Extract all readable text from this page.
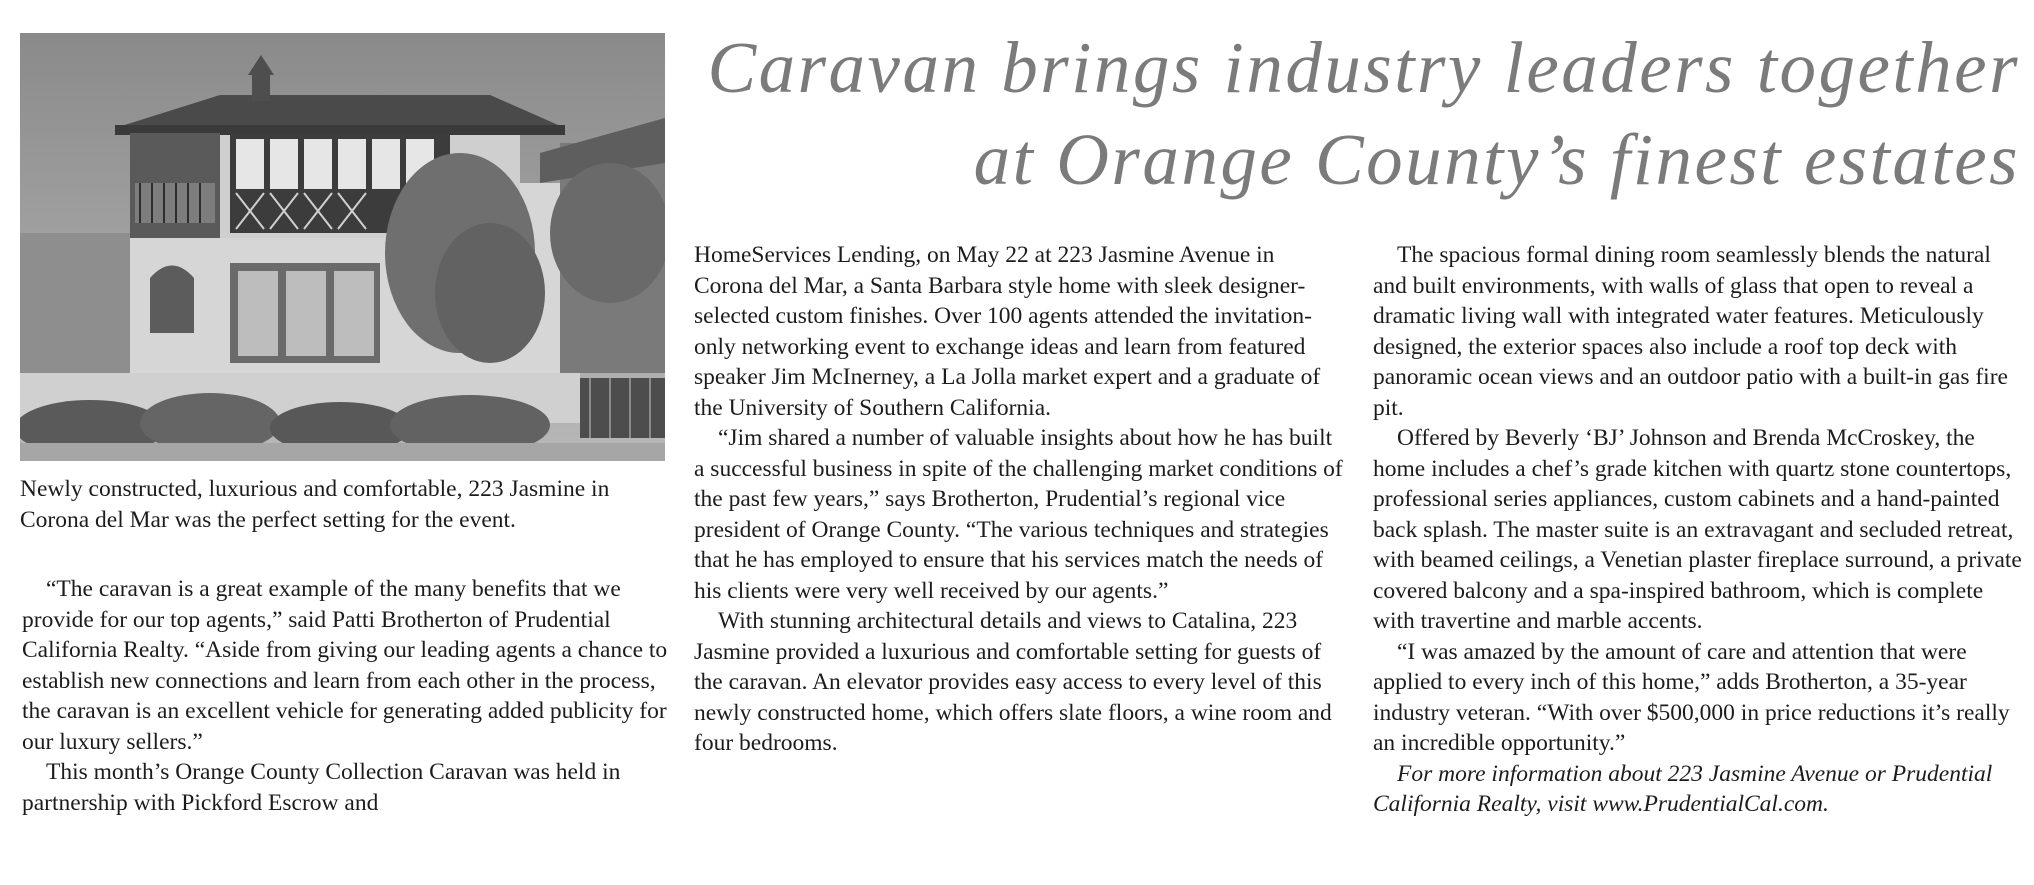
Newly constructed, luxurious and comfortable, 223 Jasmine in Corona del Mar was the perfect setting for the event.
Caravan brings industry leaders together
at Orange County’s finest estates

“The caravan is a great example of the many benefits that we provide for our top agents,” said Patti Brotherton of Prudential California Realty. “Aside from giving our leading agents a chance to establish new connections and learn from each other in the process, the caravan is an excellent vehicle for generating added publicity for our luxury sellers.”

This month’s Orange County Collection Caravan was held in partnership with Pickford Escrow and

HomeServices Lending, on May 22 at 223 Jasmine Avenue in Corona del Mar, a Santa Barbara style home with sleek designer-selected custom finishes. Over 100 agents attended the invitation-only networking event to exchange ideas and learn from featured speaker Jim McInerney, a La Jolla market expert and a graduate of the University of Southern California.

“Jim shared a number of valuable insights about how he has built a successful business in spite of the challenging market conditions of the past few years,” says Brotherton, Prudential’s regional vice president of Orange County. “The various techniques and strategies that he has employed to ensure that his services match the needs of his clients were very well received by our agents.”

With stunning architectural details and views to Catalina, 223 Jasmine provided a luxurious and comfortable setting for guests of the caravan. An elevator provides easy access to every level of this newly constructed home, which offers slate floors, a wine room and four bedrooms.

The spacious formal dining room seamlessly blends the natural and built environments, with walls of glass that open to reveal a dramatic living wall with integrated water features. Meticulously designed, the exterior spaces also include a roof top deck with panoramic ocean views and an outdoor patio with a built-in gas fire pit.

Offered by Beverly ‘BJ’ Johnson and Brenda McCroskey, the home includes a chef’s grade kitchen with quartz stone countertops, professional series appliances, custom cabinets and a hand-painted back splash. The master suite is an extravagant and secluded retreat, with beamed ceilings, a Venetian plaster fireplace surround, a private covered balcony and a spa-inspired bathroom, which is complete with travertine and marble accents.

“I was amazed by the amount of care and attention that were applied to every inch of this home,” adds Brotherton, a 35-year industry veteran. “With over $500,000 in price reductions it’s really an incredible opportunity.”

For more information about 223 Jasmine Avenue or Prudential California Realty, visit www.PrudentialCal.com.
